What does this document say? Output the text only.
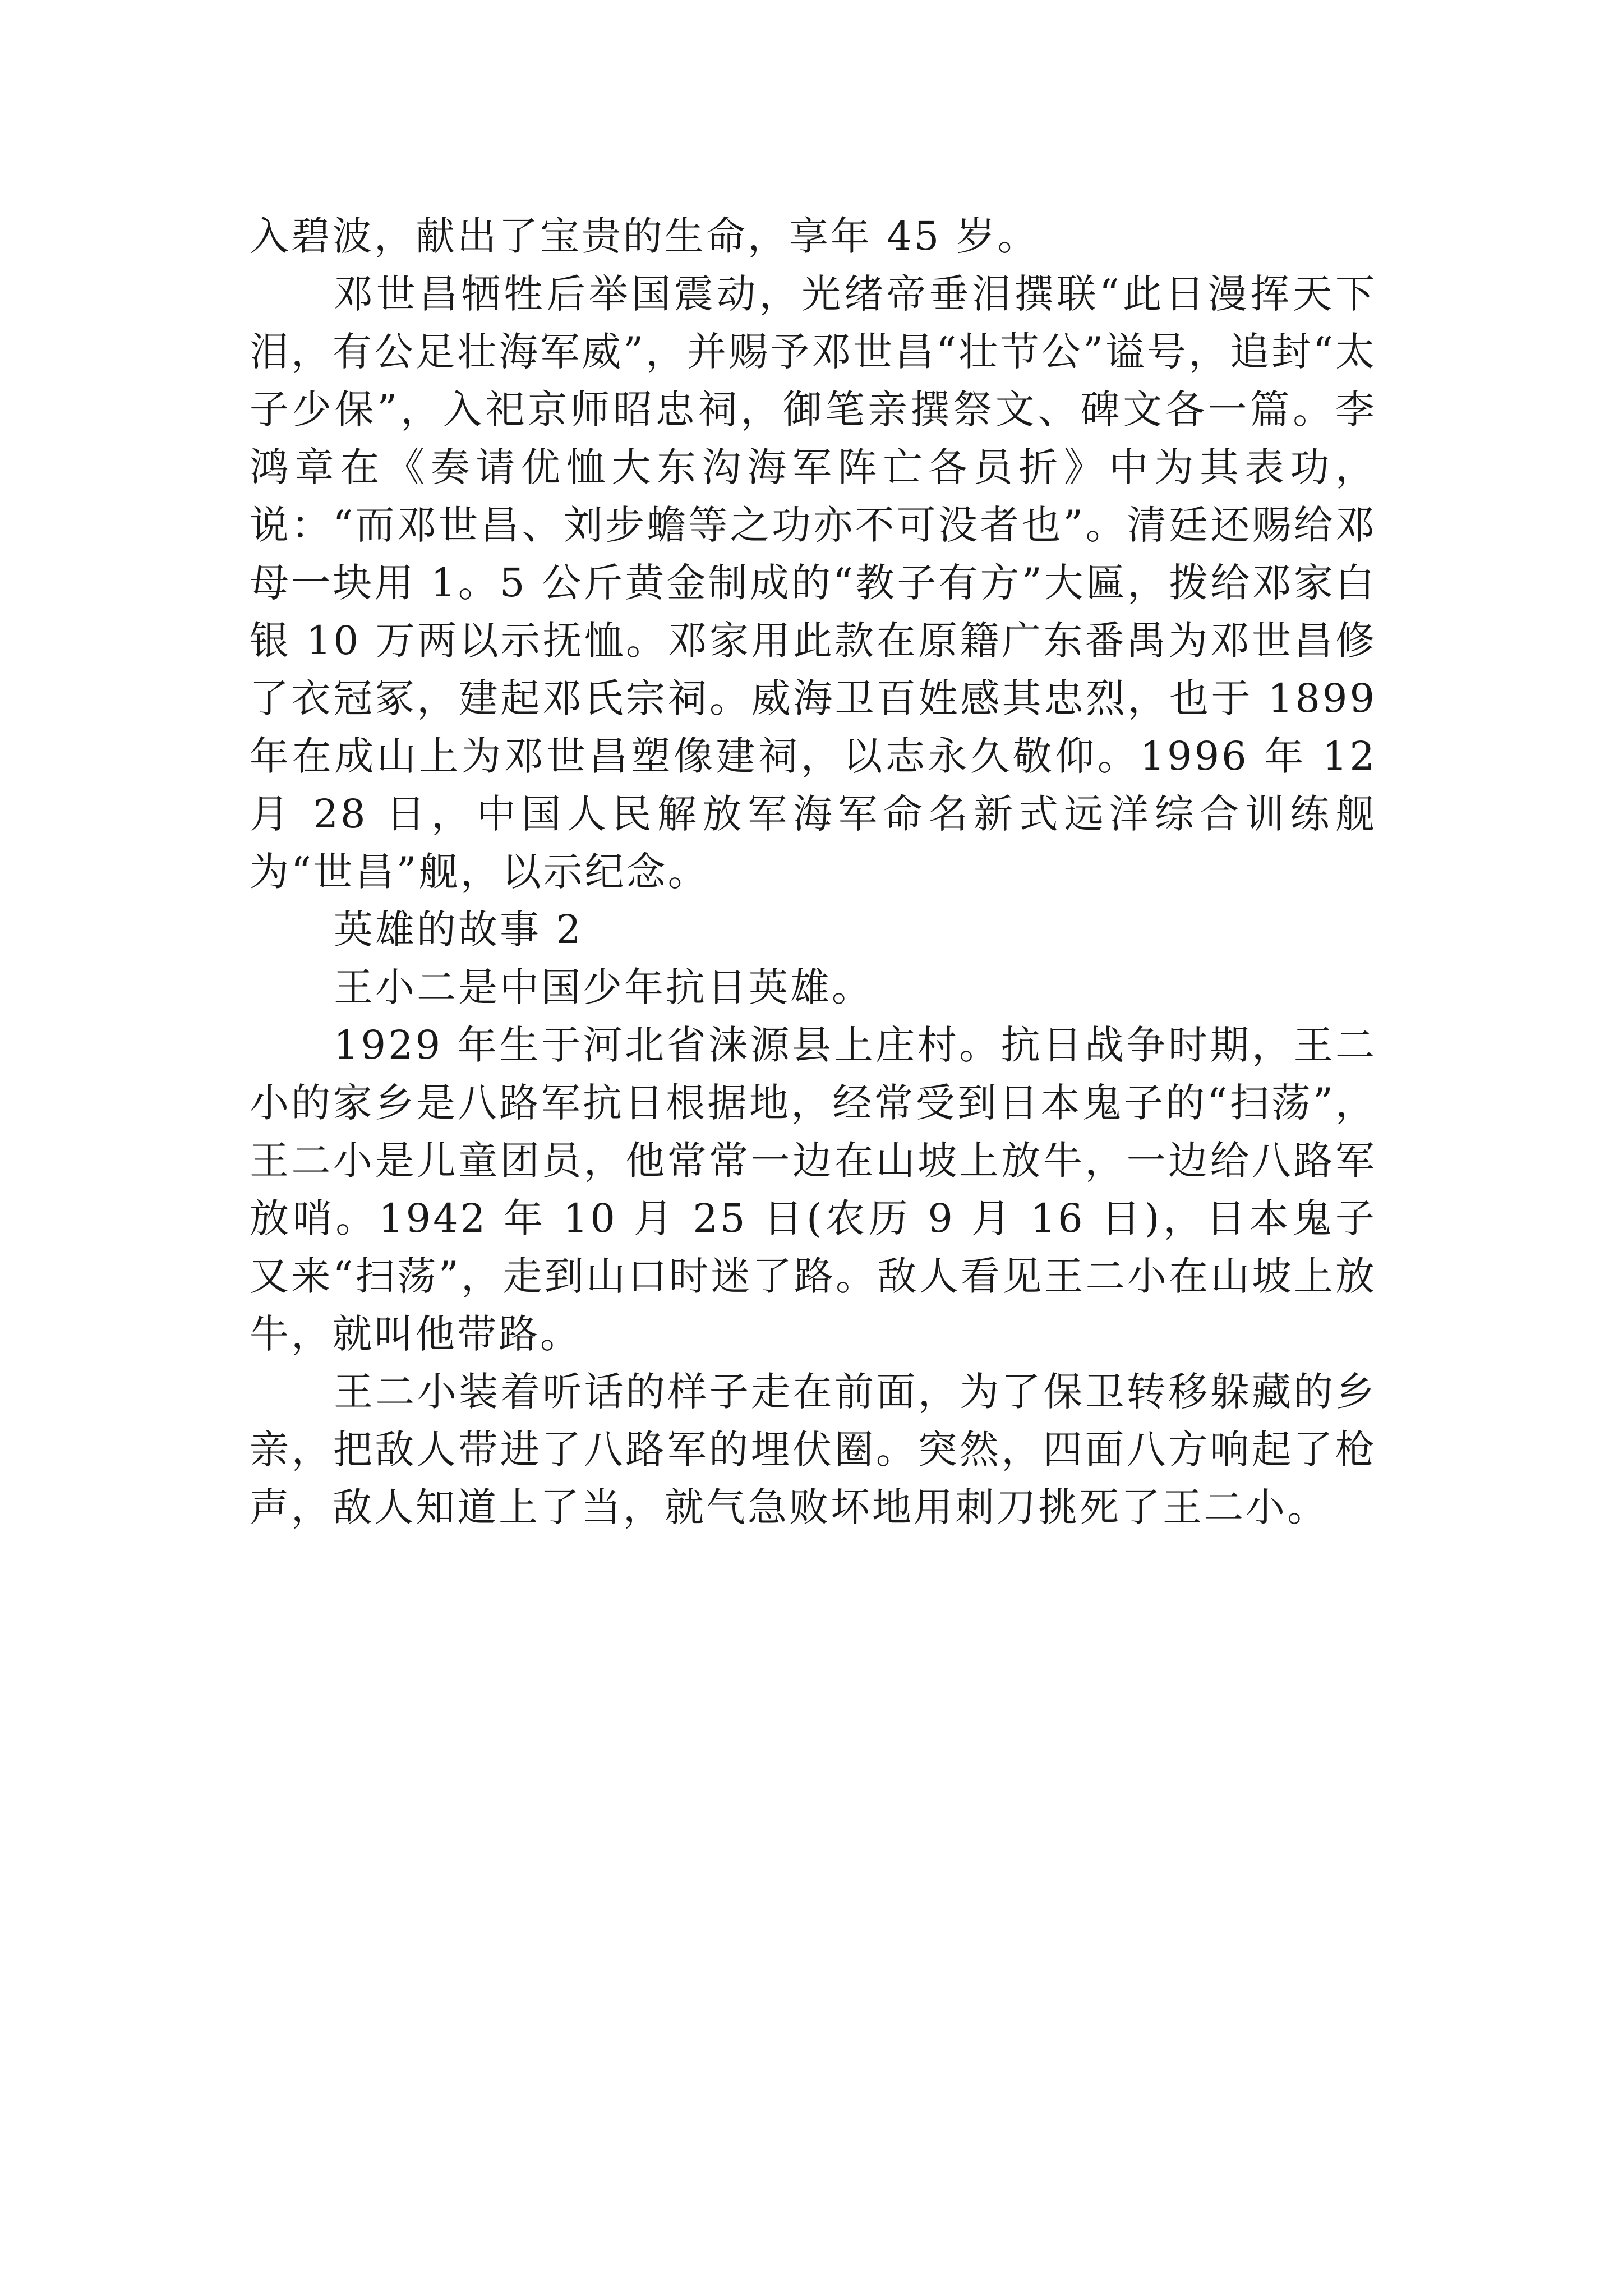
入碧波，献出了宝贵的生命，享年 45 岁。

邓世昌牺牲后举国震动，光绪帝垂泪撰联“此日漫挥天下泪，有公足壮海军威”，并赐予邓世昌“壮节公”谥号，追封“太子少保”，入祀京师昭忠祠，御笔亲撰祭文、碑文各一篇。李鸿章在《奏请优恤大东沟海军阵亡各员折》中为其表功，说：“而邓世昌、刘步蟾等之功亦不可没者也”。清廷还赐给邓母一块用 1。5 公斤黄金制成的“教子有方”大匾，拨给邓家白银 10 万两以示抚恤。邓家用此款在原籍广东番禺为邓世昌修了衣冠冢，建起邓氏宗祠。威海卫百姓感其忠烈，也于 1899 年在成山上为邓世昌塑像建祠，以志永久敬仰。1996 年 12 月 28 日，中国人民解放军海军命名新式远洋综合训练舰为“世昌”舰，以示纪念。

英雄的故事 2

王小二是中国少年抗日英雄。

1929 年生于河北省涞源县上庄村。抗日战争时期，王二小的家乡是八路军抗日根据地，经常受到日本鬼子的“扫荡”，王二小是儿童团员，他常常一边在山坡上放牛，一边给八路军放哨。1942 年 10 月 25 日(农历 9 月 16 日)，日本鬼子又来“扫荡”，走到山口时迷了路。敌人看见王二小在山坡上放牛，就叫他带路。

王二小装着听话的样子走在前面，为了保卫转移躲藏的乡亲，把敌人带进了八路军的埋伏圈。突然，四面八方响起了枪声，敌人知道上了当，就气急败坏地用刺刀挑死了王二小。
